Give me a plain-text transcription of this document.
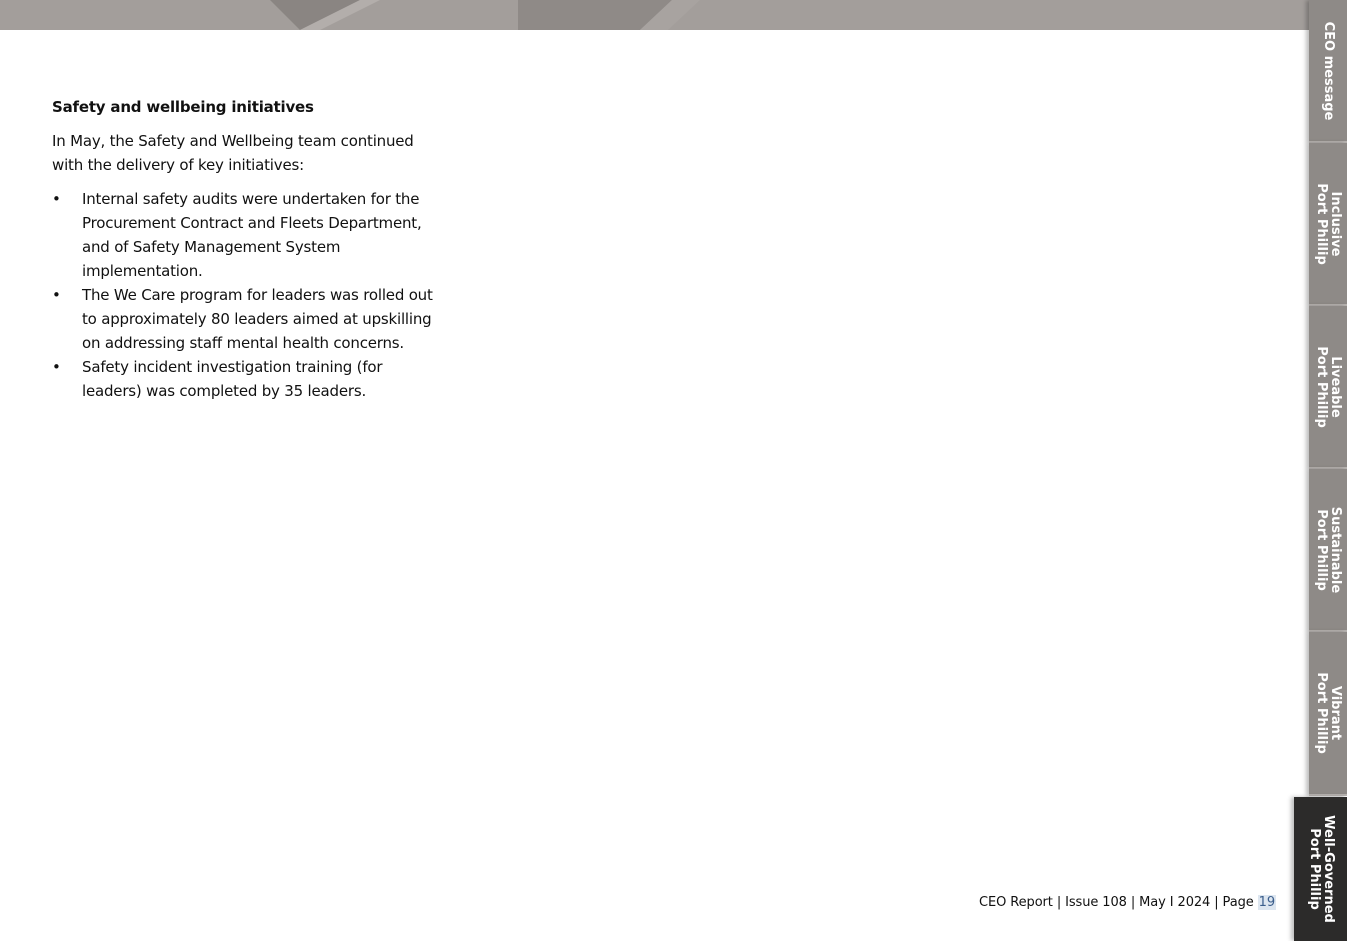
Safety and wellbeing initiatives

In May, the Safety and Wellbeing team continued with the delivery of key initiatives:

• Internal safety audits were undertaken for the Procurement Contract and Fleets Department, and of Safety Management System implementation.
• The We Care program for leaders was rolled out to approximately 80 leaders aimed at upskilling on addressing staff mental health concerns.
• Safety incident investigation training (for leaders) was completed by 35 leaders.
CEO Report | Issue 108 | May I 2024 | Page 19
CEO message
Inclusive
Port Phillip
Liveable
Port Phillip
Sustainable
Port Phillip
Vibrant
Port Phillip
Well-Governed
Port Phillip
